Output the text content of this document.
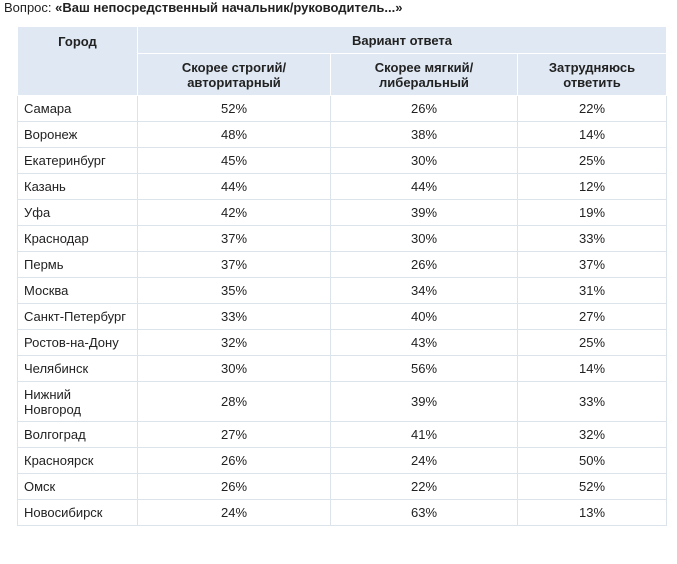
Вопрос: «Ваш непосредственный начальник/руководитель...»
Город	Вариант ответа		
	Скорее строгий/ авторитарный	Скорее мягкий/ либеральный	Затрудняюсь ответить
Самара	52%	26%	22%
Воронеж	48%	38%	14%
Екатеринбург	45%	30%	25%
Казань	44%	44%	12%
Уфа	42%	39%	19%
Краснодар	37%	30%	33%
Пермь	37%	26%	37%
Москва	35%	34%	31%
Санкт-Петербург	33%	40%	27%
Ростов-на-Дону	32%	43%	25%
Челябинск	30%	56%	14%
Нижний Новгород	28%	39%	33%
Волгоград	27%	41%	32%
Красноярск	26%	24%	50%
Омск	26%	22%	52%
Новосибирск	24%	63%	13%
